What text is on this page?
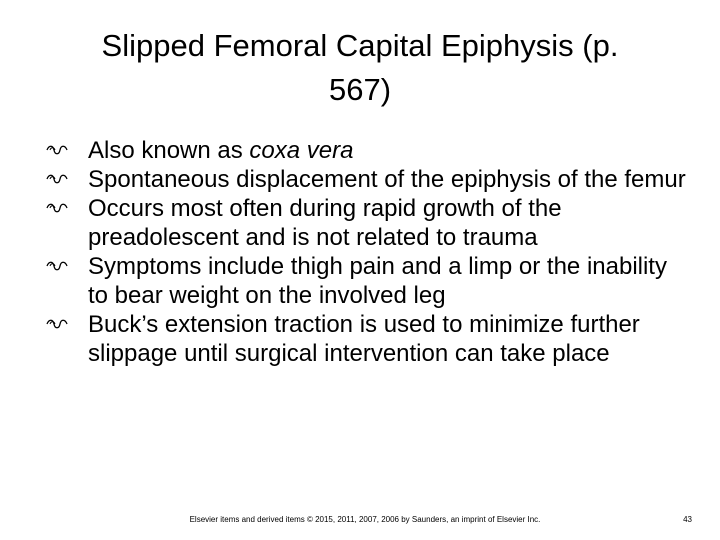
Slipped Femoral Capital Epiphysis (p.
567)
Also known as coxa vera
Spontaneous displacement of the epiphysis of the femur
Occurs most often during rapid growth of the preadolescent and is not related to trauma
Symptoms include thigh pain and a limp or the inability to bear weight on the involved leg
Buck’s extension traction is used to minimize further slippage until surgical intervention can take place
Elsevier items and derived items © 2015, 2011, 2007, 2006 by Saunders, an imprint of Elsevier Inc.	43
